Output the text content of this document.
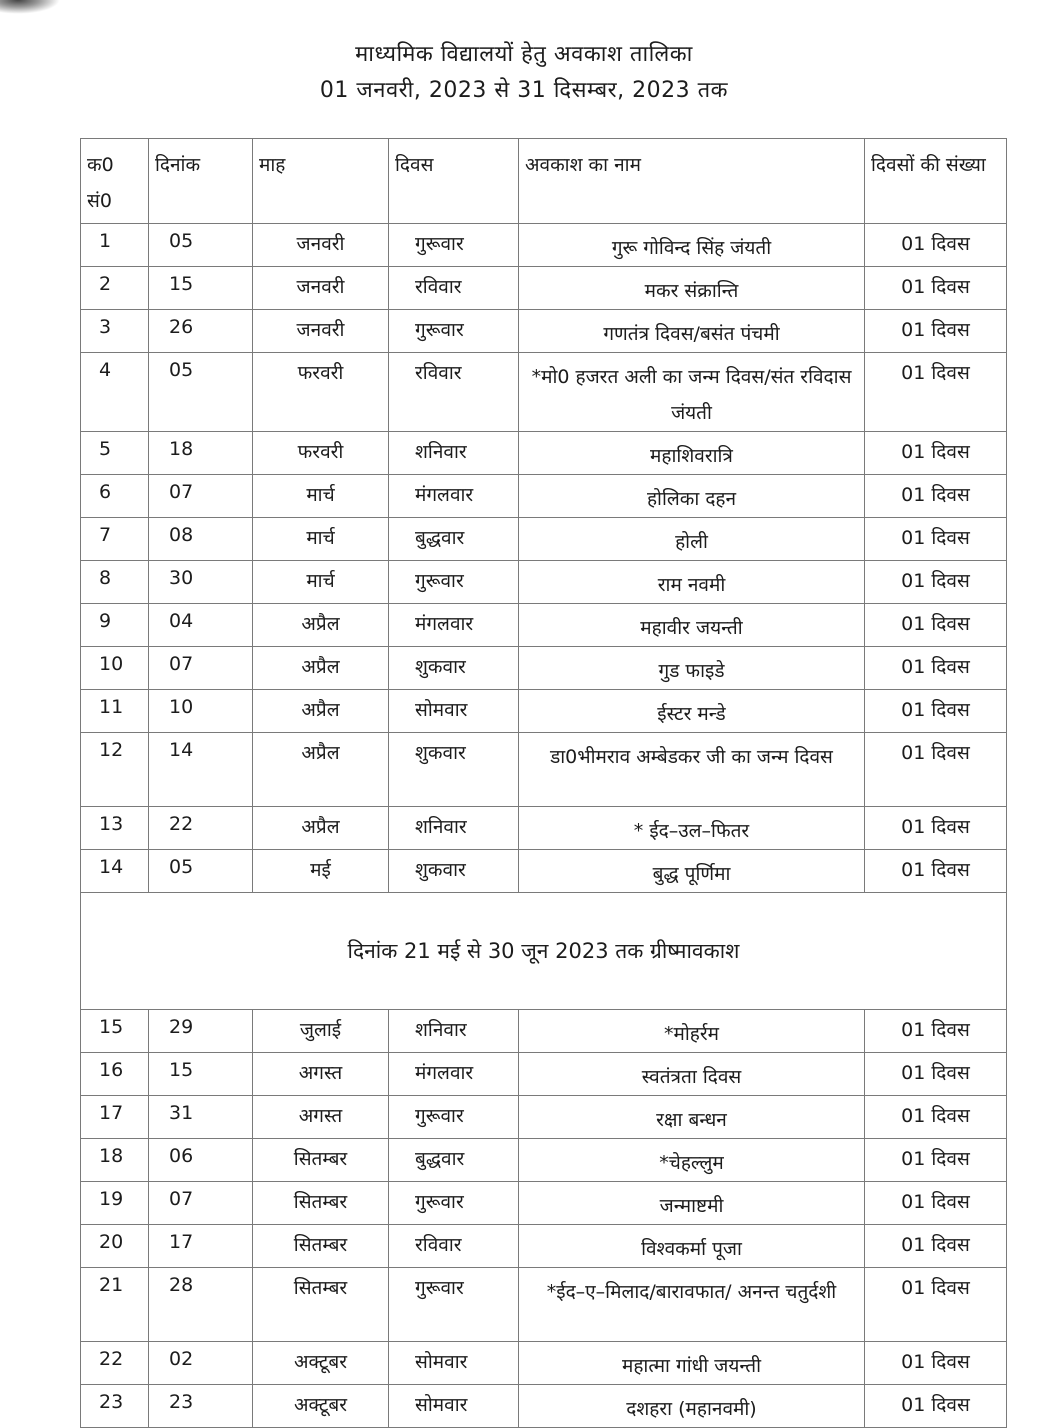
माध्यमिक विद्यालयों हेतु अवकाश तालिका
01 जनवरी, 2023 से 31 दिसम्बर, 2023 तक
क0 सं0	दिनांक	माह	दिवस	अवकाश का नाम	दिवसों की संख्या
1	05	जनवरी	गुरूवार	गुरू गोविन्द सिंह जंयती	01 दिवस
2	15	जनवरी	रविवार	मकर संक्रान्ति	01 दिवस
3	26	जनवरी	गुरूवार	गणतंत्र दिवस/बसंत पंचमी	01 दिवस
4	05	फरवरी	रविवार	*मो0 हजरत अली का जन्म दिवस/संत रविदास जंयती	01 दिवस
5	18	फरवरी	शनिवार	महाशिवरात्रि	01 दिवस
6	07	मार्च	मंगलवार	होलिका दहन	01 दिवस
7	08	मार्च	बुद्धवार	होली	01 दिवस
8	30	मार्च	गुरूवार	राम नवमी	01 दिवस
9	04	अप्रैल	मंगलवार	महावीर जयन्ती	01 दिवस
10	07	अप्रैल	शुकवार	गुड फाइडे	01 दिवस
11	10	अप्रैल	सोमवार	ईस्टर मन्डे	01 दिवस
12	14	अप्रैल	शुकवार	डा0भीमराव अम्बेडकर जी का जन्म दिवस	01 दिवस
13	22	अप्रैल	शनिवार	* ईद–उल–फितर	01 दिवस
14	05	मई	शुकवार	बुद्ध पूर्णिमा	01 दिवस
दिनांक 21 मई से 30 जून 2023 तक ग्रीष्मावकाश					
15	29	जुलाई	शनिवार	*मोहर्रम	01 दिवस
16	15	अगस्त	मंगलवार	स्वतंत्रता दिवस	01 दिवस
17	31	अगस्त	गुरूवार	रक्षा बन्धन	01 दिवस
18	06	सितम्बर	बुद्धवार	*चेहल्लुम	01 दिवस
19	07	सितम्बर	गुरूवार	जन्माष्टमी	01 दिवस
20	17	सितम्बर	रविवार	विश्वकर्मा पूजा	01 दिवस
21	28	सितम्बर	गुरूवार	*ईद–ए–मिलाद/बारावफात/ अनन्त चतुर्दशी	01 दिवस
22	02	अक्टूबर	सोमवार	महात्मा गांधी जयन्ती	01 दिवस
23	23	अक्टूबर	सोमवार	दशहरा (महानवमी)	01 दिवस
